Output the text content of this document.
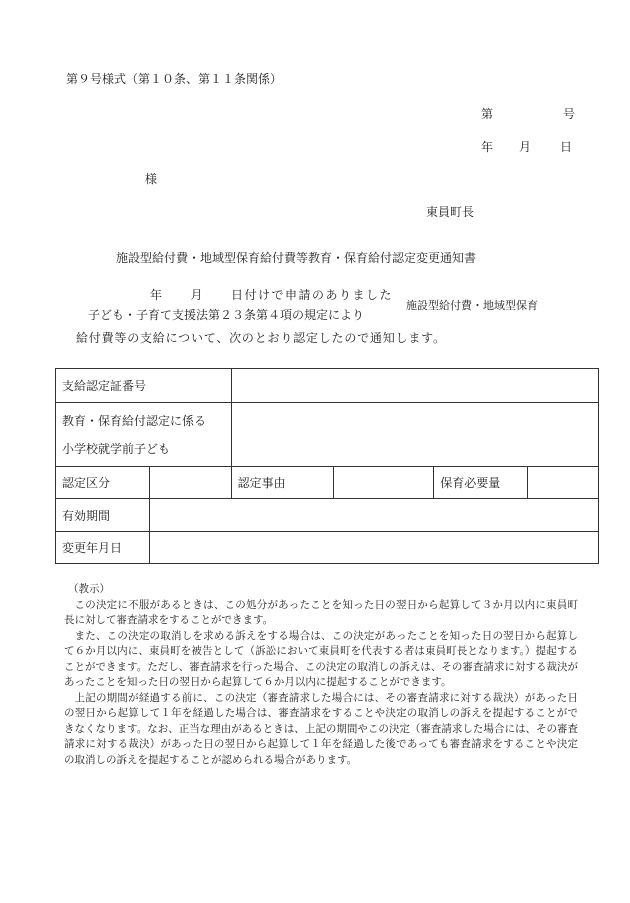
第９号様式（第１０条、第１１条関係）
第	号
年 月 日
様
東員町長
施設型給付費・地域型保育給付費等教育・保育給付認定変更通知書
年　　月　　日付けで申請のありました
子ども・子育て支援法第２３条第４項の規定により
施設型給付費・地域型保育
給付費等の支給について、次のとおり認定したので通知します。
支給認定証番号					

教育・保育給付認定に係る
小学校就学前子ども					

認定区分		認定事由		保育必要量	
有効期間					
変更年月日					

（教示）

この決定に不服があるときは、この処分があったことを知った日の翌日から起算して３か月以内に東員町長に対して審査請求をすることができます。

また、この決定の取消しを求める訴えをする場合は、この決定があったことを知った日の翌日から起算して６か月以内に、東員町を被告として（訴訟において東員町を代表する者は東員町長となります。）提起することができます。ただし、審査請求を行った場合、この決定の取消しの訴えは、その審査請求に対する裁決があったことを知った日の翌日から起算して６か月以内に提起することができます。

上記の期間が経過する前に、この決定（審査請求した場合には、その審査請求に対する裁決）があった日の翌日から起算して１年を経過した場合は、審査請求をすることや決定の取消しの訴えを提起することができなくなります。なお、正当な理由があるときは、上記の期間やこの決定（審査請求した場合には、その審査請求に対する裁決）があった日の翌日から起算して１年を経過した後であっても審査請求をすることや決定の取消しの訴えを提起することが認められる場合があります。
